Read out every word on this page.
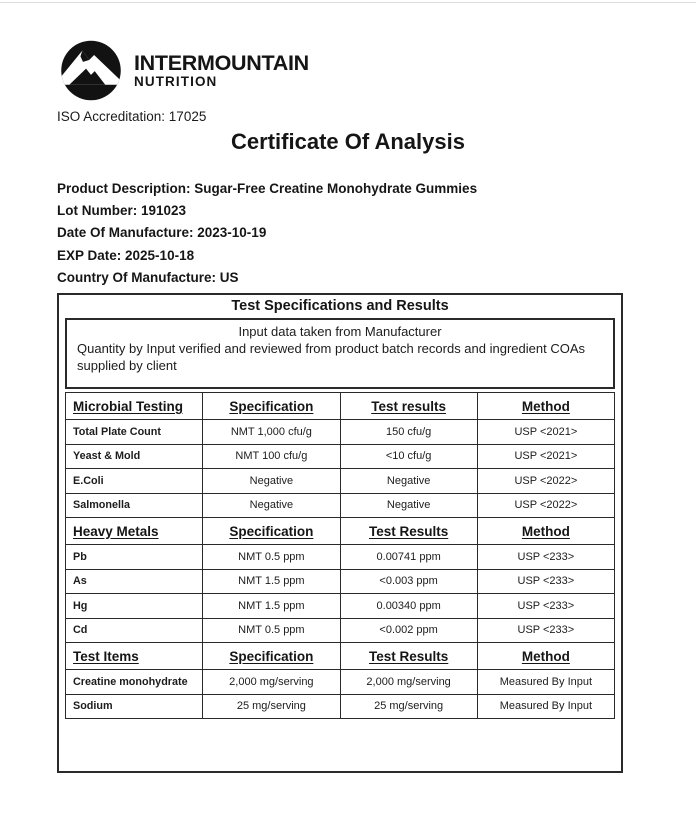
INTERMOUNTAIN
NUTRITION
ISO Accreditation: 17025
Certificate Of Analysis
Product Description: Sugar-Free Creatine Monohydrate Gummies
Lot Number: 191023
Date Of Manufacture: 2023-10-19
EXP Date: 2025-10-18
Country Of Manufacture: US
Test Specifications and Results
Input data taken from Manufacturer
Quantity by Input verified and reviewed from product batch records and ingredient COAs supplied by client
Microbial Testing	Specification	Test results	Method
Total Plate Count	NMT 1,000 cfu/g	150 cfu/g	USP <2021>
Yeast & Mold	NMT 100 cfu/g	<10 cfu/g	USP <2021>
E.Coli	Negative	Negative	USP <2022>
Salmonella	Negative	Negative	USP <2022>
Heavy Metals	Specification	Test Results	Method
Pb	NMT 0.5 ppm	0.00741 ppm	USP <233>
As	NMT 1.5 ppm	<0.003 ppm	USP <233>
Hg	NMT 1.5 ppm	0.00340 ppm	USP <233>
Cd	NMT 0.5 ppm	<0.002 ppm	USP <233>
Test Items	Specification	Test Results	Method
Creatine monohydrate	2,000 mg/serving	2,000 mg/serving	Measured By Input
Sodium	25 mg/serving	25 mg/serving	Measured By Input
